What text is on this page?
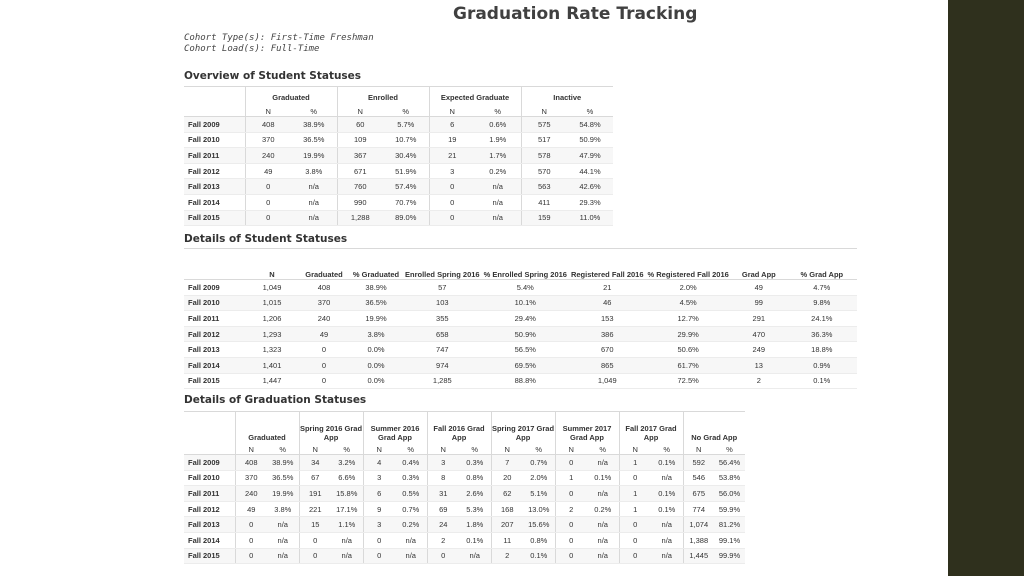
Graduation Rate Tracking
Cohort Type(s): First-Time Freshman
Cohort Load(s): Full-Time
Overview of Student Statuses
	Graduated		Enrolled		Expected Graduate		Inactive	
	N	%	N	%	N	%	N	%
Fall 2009	408	38.9%	60	5.7%	6	0.6%	575	54.8%
Fall 2010	370	36.5%	109	10.7%	19	1.9%	517	50.9%
Fall 2011	240	19.9%	367	30.4%	21	1.7%	578	47.9%
Fall 2012	49	3.8%	671	51.9%	3	0.2%	570	44.1%
Fall 2013	0	n/a	760	57.4%	0	n/a	563	42.6%
Fall 2014	0	n/a	990	70.7%	0	n/a	411	29.3%
Fall 2015	0	n/a	1,288	89.0%	0	n/a	159	11.0%
Details of Student Statuses
	N	Graduated	% Graduated	Enrolled Spring 2016	% Enrolled Spring 2016	Registered Fall 2016	% Registered Fall 2016	Grad App	% Grad App
Fall 2009	1,049	408	38.9%	57	5.4%	21	2.0%	49	4.7%
Fall 2010	1,015	370	36.5%	103	10.1%	46	4.5%	99	9.8%
Fall 2011	1,206	240	19.9%	355	29.4%	153	12.7%	291	24.1%
Fall 2012	1,293	49	3.8%	658	50.9%	386	29.9%	470	36.3%
Fall 2013	1,323	0	0.0%	747	56.5%	670	50.6%	249	18.8%
Fall 2014	1,401	0	0.0%	974	69.5%	865	61.7%	13	0.9%
Fall 2015	1,447	0	0.0%	1,285	88.8%	1,049	72.5%	2	0.1%
Details of Graduation Statuses
	Graduated		Spring 2016 Grad App		Summer 2016 Grad App		Fall 2016 Grad App		Spring 2017 Grad App		Summer 2017 Grad App		Fall 2017 Grad App		No Grad App	
	N	%	N	%	N	%	N	%	N	%	N	%	N	%	N	%
Fall 2009	408	38.9%	34	3.2%	4	0.4%	3	0.3%	7	0.7%	0	n/a	1	0.1%	592	56.4%
Fall 2010	370	36.5%	67	6.6%	3	0.3%	8	0.8%	20	2.0%	1	0.1%	0	n/a	546	53.8%
Fall 2011	240	19.9%	191	15.8%	6	0.5%	31	2.6%	62	5.1%	0	n/a	1	0.1%	675	56.0%
Fall 2012	49	3.8%	221	17.1%	9	0.7%	69	5.3%	168	13.0%	2	0.2%	1	0.1%	774	59.9%
Fall 2013	0	n/a	15	1.1%	3	0.2%	24	1.8%	207	15.6%	0	n/a	0	n/a	1,074	81.2%
Fall 2014	0	n/a	0	n/a	0	n/a	2	0.1%	11	0.8%	0	n/a	0	n/a	1,388	99.1%
Fall 2015	0	n/a	0	n/a	0	n/a	0	n/a	2	0.1%	0	n/a	0	n/a	1,445	99.9%
